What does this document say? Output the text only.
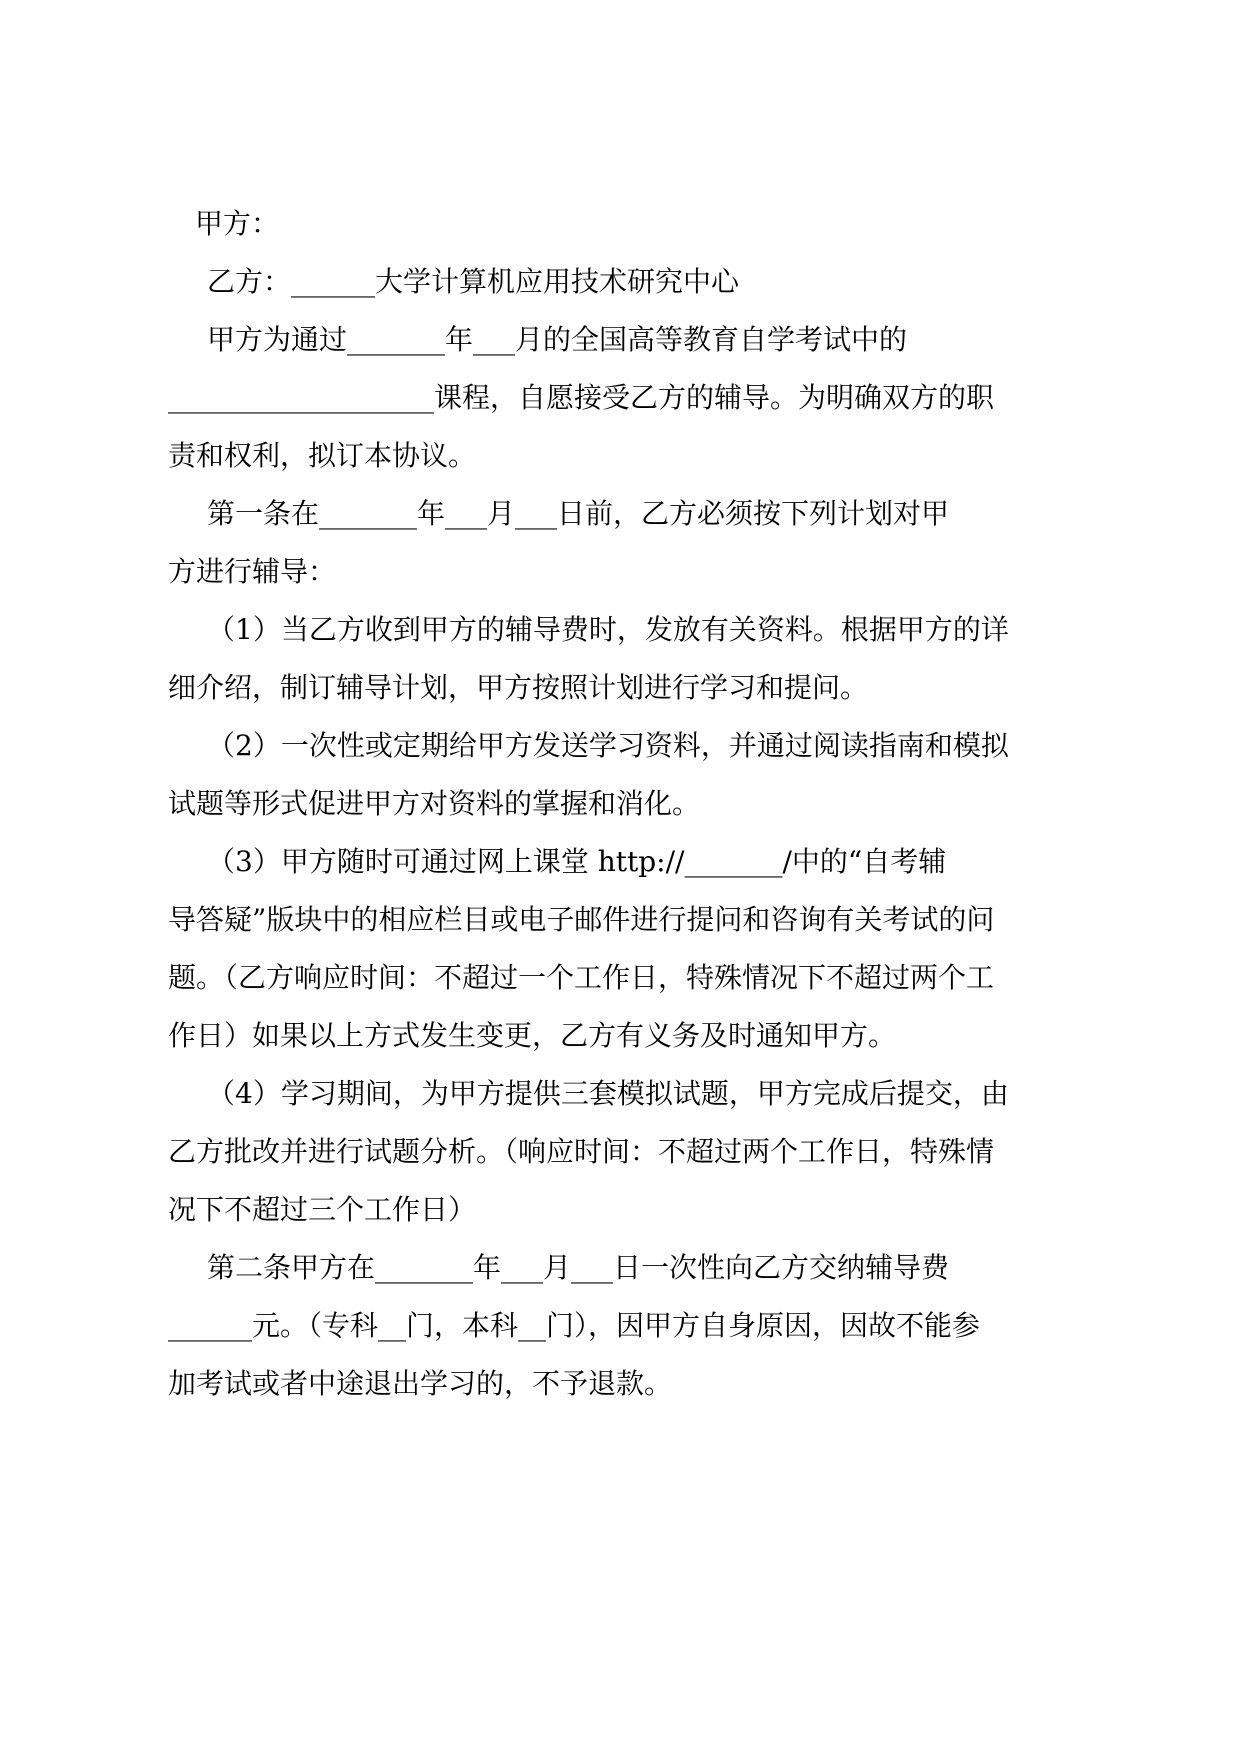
甲方：

乙方：______大学计算机应用技术研究中心

甲方为通过_______年___月的全国高等教育自学考试中的

___________________课程，自愿接受乙方的辅导。为明确双方的职

责和权利，拟订本协议。

第一条在_______年___月___日前，乙方必须按下列计划对甲

方进行辅导：

（1）当乙方收到甲方的辅导费时，发放有关资料。根据甲方的详

细介绍，制订辅导计划，甲方按照计划进行学习和提问。

（2）一次性或定期给甲方发送学习资料，并通过阅读指南和模拟

试题等形式促进甲方对资料的掌握和消化。

（3）甲方随时可通过网上课堂 http://_______/中的“自考辅

导答疑”版块中的相应栏目或电子邮件进行提问和咨询有关考试的问

题。（乙方响应时间：不超过一个工作日，特殊情况下不超过两个工

作日）如果以上方式发生变更，乙方有义务及时通知甲方。

（4）学习期间，为甲方提供三套模拟试题，甲方完成后提交，由

乙方批改并进行试题分析。（响应时间：不超过两个工作日，特殊情

况下不超过三个工作日）

第二条甲方在_______年___月___日一次性向乙方交纳辅导费

______元。（专科__门，本科__门），因甲方自身原因，因故不能参

加考试或者中途退出学习的，不予退款。
